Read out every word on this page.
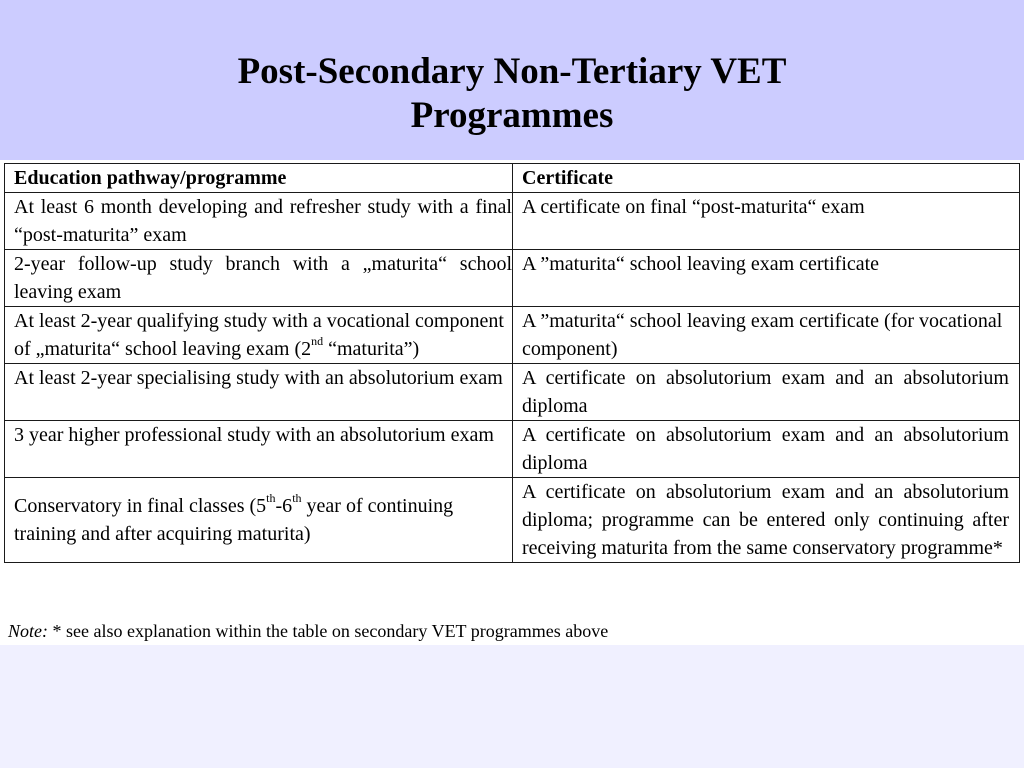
Post-Secondary Non-Tertiary VET
Programmes
Education pathway/programme	Certificate
At least 6 month developing and refresher study with a final “post-maturita” exam	A certificate on final “post-maturita“ exam
2-year follow-up study branch with a „maturita“ school leaving exam	A ”maturita“ school leaving exam certificate
At least 2-year qualifying study with a vocational component of „maturita“ school leaving exam (2nd “maturita”)	A ”maturita“ school leaving exam certificate (for vocational component)
At least 2-year specialising study with an absolutorium exam	A certificate on absolutorium exam and an absolutorium diploma
3 year higher professional study with an absolutorium exam	A certificate on absolutorium exam and an absolutorium diploma
Conservatory in final classes (5th-6th year of continuing training and after acquiring maturita)	A certificate on absolutorium exam and an absolutorium diploma; programme can be entered only continuing after receiving maturita from the same conservatory programme*
Note: * see also explanation within the table on secondary VET programmes above
